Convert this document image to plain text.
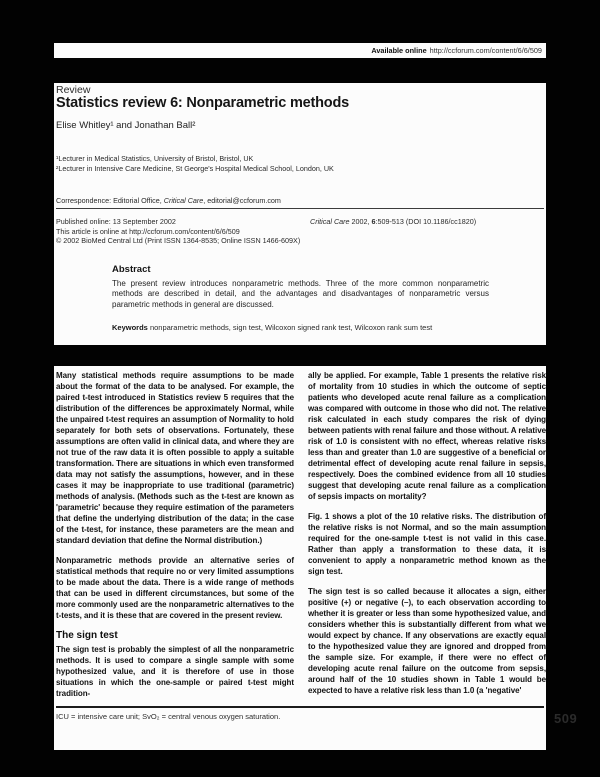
Available online http://ccforum.com/content/6/6/509
Review
Statistics review 6: Nonparametric methods
Elise Whitley¹ and Jonathan Ball²
¹Lecturer in Medical Statistics, University of Bristol, Bristol, UK
²Lecturer in Intensive Care Medicine, St George's Hospital Medical School, London, UK
Correspondence: Editorial Office, Critical Care, editorial@ccforum.com
Published online: 13 September 2002	Critical Care 2002, 6:509-513 (DOI 10.1186/cc1820)
This article is online at http://ccforum.com/content/6/6/509
© 2002 BioMed Central Ltd (Print ISSN 1364-8535; Online ISSN 1466-609X)
Abstract

The present review introduces nonparametric methods. Three of the more common nonparametric methods are described in detail, and the advantages and disadvantages of nonparametric versus parametric methods in general are discussed.

Keywords nonparametric methods, sign test, Wilcoxon signed rank test, Wilcoxon rank sum test

Many statistical methods require assumptions to be made about the format of the data to be analysed. For example, the paired t-test introduced in Statistics review 5 requires that the distribution of the differences be approximately Normal, while the unpaired t-test requires an assumption of Normality to hold separately for both sets of observations. Fortunately, these assumptions are often valid in clinical data, and where they are not true of the raw data it is often possible to apply a suitable transformation. There are situations in which even transformed data may not satisfy the assumptions, however, and in these cases it may be inappropriate to use traditional (parametric) methods of analysis. (Methods such as the t-test are known as 'parametric' because they require estimation of the parameters that define the underlying distribution of the data; in the case of the t-test, for instance, these parameters are the mean and standard deviation that define the Normal distribution.)

Nonparametric methods provide an alternative series of statistical methods that require no or very limited assumptions to be made about the data. There is a wide range of methods that can be used in different circumstances, but some of the more commonly used are the nonparametric alternatives to the t-tests, and it is these that are covered in the present review.

The sign test

The sign test is probably the simplest of all the nonparametric methods. It is used to compare a single sample with some hypothesized value, and it is therefore of use in those situations in which the one-sample or paired t-test might tradition-

ally be applied. For example, Table 1 presents the relative risk of mortality from 10 studies in which the outcome of septic patients who developed acute renal failure as a complication was compared with outcome in those who did not. The relative risk calculated in each study compares the risk of dying between patients with renal failure and those without. A relative risk of 1.0 is consistent with no effect, whereas relative risks less than and greater than 1.0 are suggestive of a beneficial or detrimental effect of developing acute renal failure in sepsis, respectively. Does the combined evidence from all 10 studies suggest that developing acute renal failure as a complication of sepsis impacts on mortality?

Fig. 1 shows a plot of the 10 relative risks. The distribution of the relative risks is not Normal, and so the main assumption required for the one-sample t-test is not valid in this case. Rather than apply a transformation to these data, it is convenient to apply a nonparametric method known as the sign test.

The sign test is so called because it allocates a sign, either positive (+) or negative (–), to each observation according to whether it is greater or less than some hypothesized value, and considers whether this is substantially different from what we would expect by chance. If any observations are exactly equal to the hypothesized value they are ignored and dropped from the sample size. For example, if there were no effect of developing acute renal failure on the outcome from sepsis, around half of the 10 studies shown in Table 1 would be expected to have a relative risk less than 1.0 (a 'negative'

ICU = intensive care unit; SvO₂ = central venous oxygen saturation.	509
